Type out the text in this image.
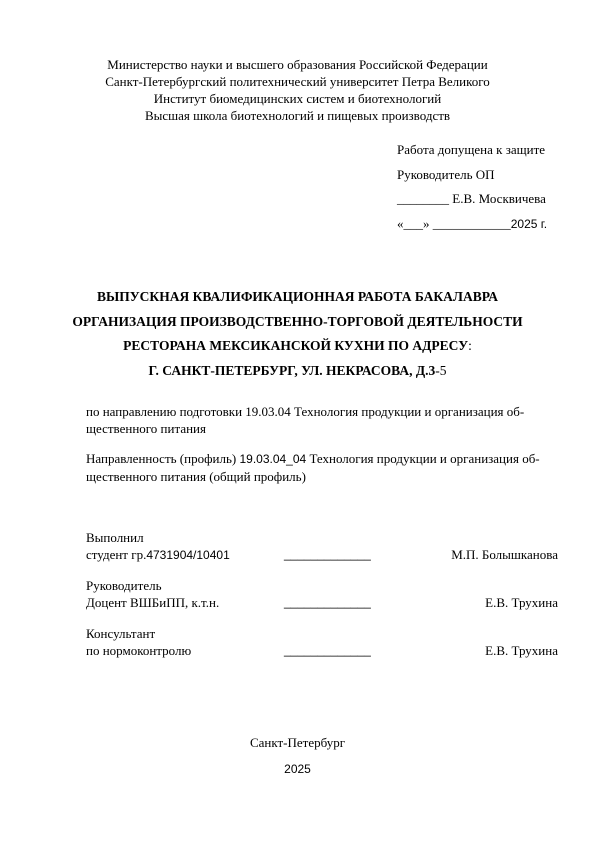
Министерство науки и высшего образования Российской Федерации
Санкт-Петербургский политехнический университет Петра Великого
Институт биомедицинских систем и биотехнологий
Высшая школа биотехнологий и пищевых производств
Работа допущена к защите
Руководитель ОП
________ Е.В. Москвичева
«___» ____________2025 г.
ВЫПУСКНАЯ КВАЛИФИКАЦИОННАЯ РАБОТА БАКАЛАВРА
ОРГАНИЗАЦИЯ ПРОИЗВОДСТВЕННО-ТОРГОВОЙ ДЕЯТЕЛЬНОСТИ
РЕСТОРАНА МЕКСИКАНСКОЙ КУХНИ ПО АДРЕСУ:
Г. САНКТ-ПЕТЕРБУРГ, УЛ. НЕКРАСОВА, Д.3-5
по направлению подготовки 19.03.04 Технология продукции и организация об-
щественного питания
Направленность (профиль) 19.03.04_04 Технология продукции и организация об-
щественного питания (общий профиль)
Выполнил
студент гр.4731904/10401	_____________	М.П. Болышканова
Руководитель
Доцент ВШБиПП, к.т.н.	_____________	Е.В. Трухина
Консультант
по нормоконтролю	_____________	Е.В. Трухина
Санкт-Петербург
2025
